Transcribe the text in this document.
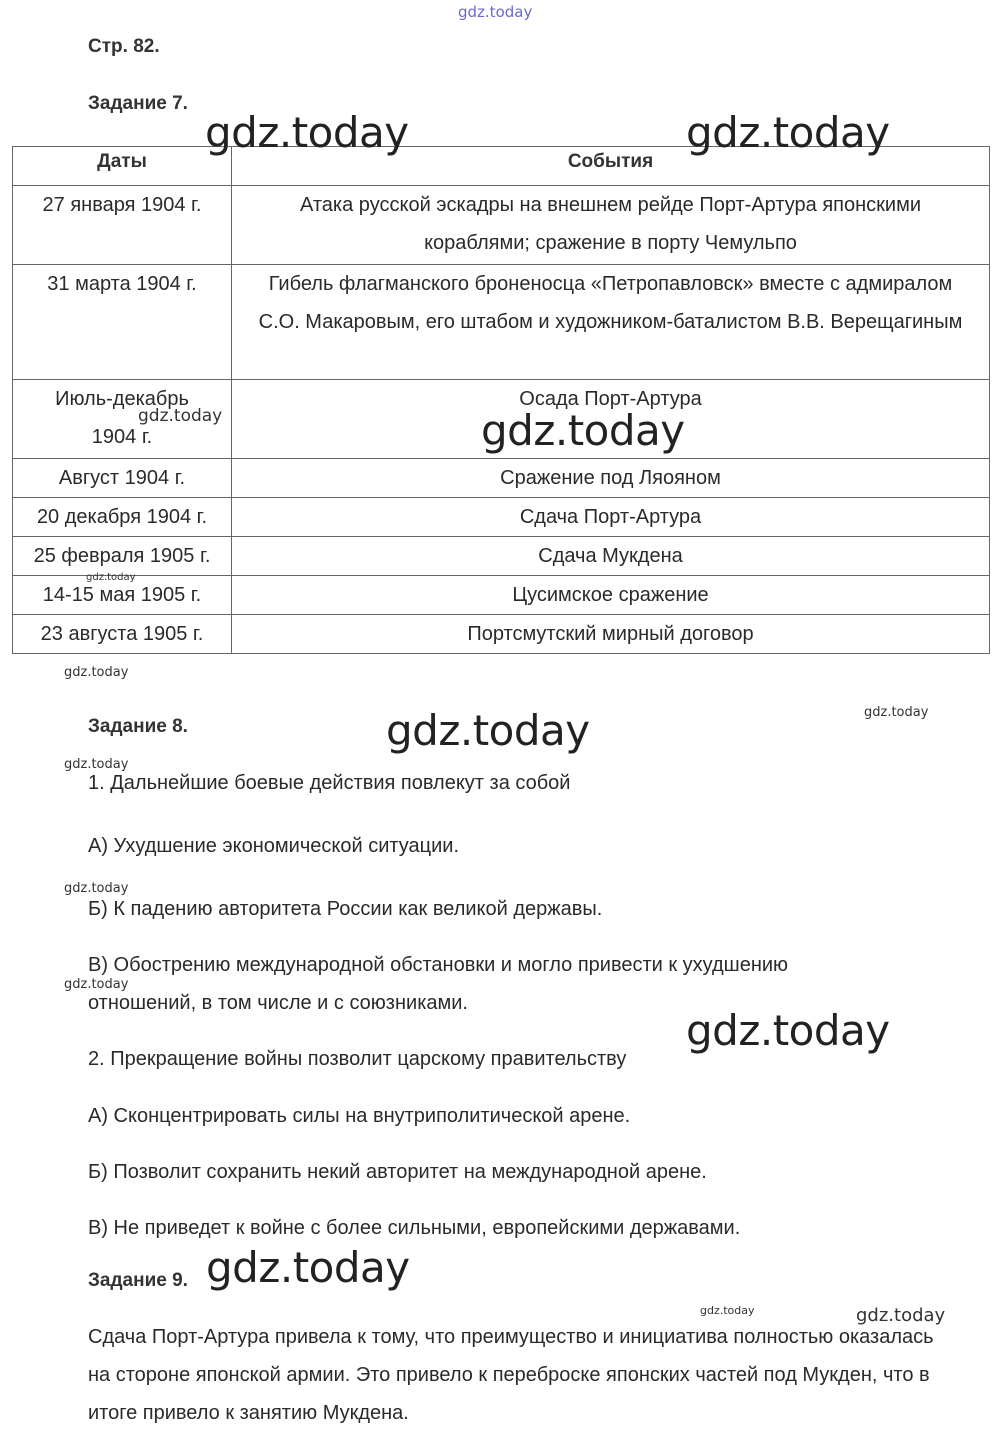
gdz.today
Стр. 82.
Задание 7.
Даты	События
27 января 1904 г.	Атака русской эскадры на внешнем рейде Порт-Артура японскими кораблями; сражение в порту Чемульпо
31 марта 1904 г.	Гибель флагманского броненосца «Петропавловск» вместе с адмиралом С.О. Макаровым, его штабом и художником-баталистом В.В. Верещагиным
Июль-декабрь 1904 г.	Осада Порт-Артура
Август 1904 г.	Сражение под Ляояном
20 декабря 1904 г.	Сдача Порт-Артура
25 февраля 1905 г.	Сдача Мукдена
14-15 мая 1905 г.	Цусимское сражение
23 августа 1905 г.	Портсмутский мирный договор
Задание 8.
1. Дальнейшие боевые действия повлекут за собой
А) Ухудшение экономической ситуации.
Б) К падению авторитета России как великой державы.
В) Обострению международной обстановки и могло привести к ухудшению
отношений, в том числе и с союзниками.
2. Прекращение войны позволит царскому правительству
А) Сконцентрировать силы на внутриполитической арене.
Б) Позволит сохранить некий авторитет на международной арене.
В) Не приведет к войне с более сильными, европейскими державами.
Задание 9.
Сдача Порт-Артура привела к тому, что преимущество и инициатива полностью оказалась на стороне японской армии. Это привело к переброске японских частей под Мукден, что в итоге привело к занятию Мукдена.
gdz.today	gdz.today
gdz.today	gdz.today
gdz.today
gdz.today
gdz.today
gdz.today
gdz.today
gdz.today
gdz.today
gdz.today
gdz.today
gdz.today	gdz.today
